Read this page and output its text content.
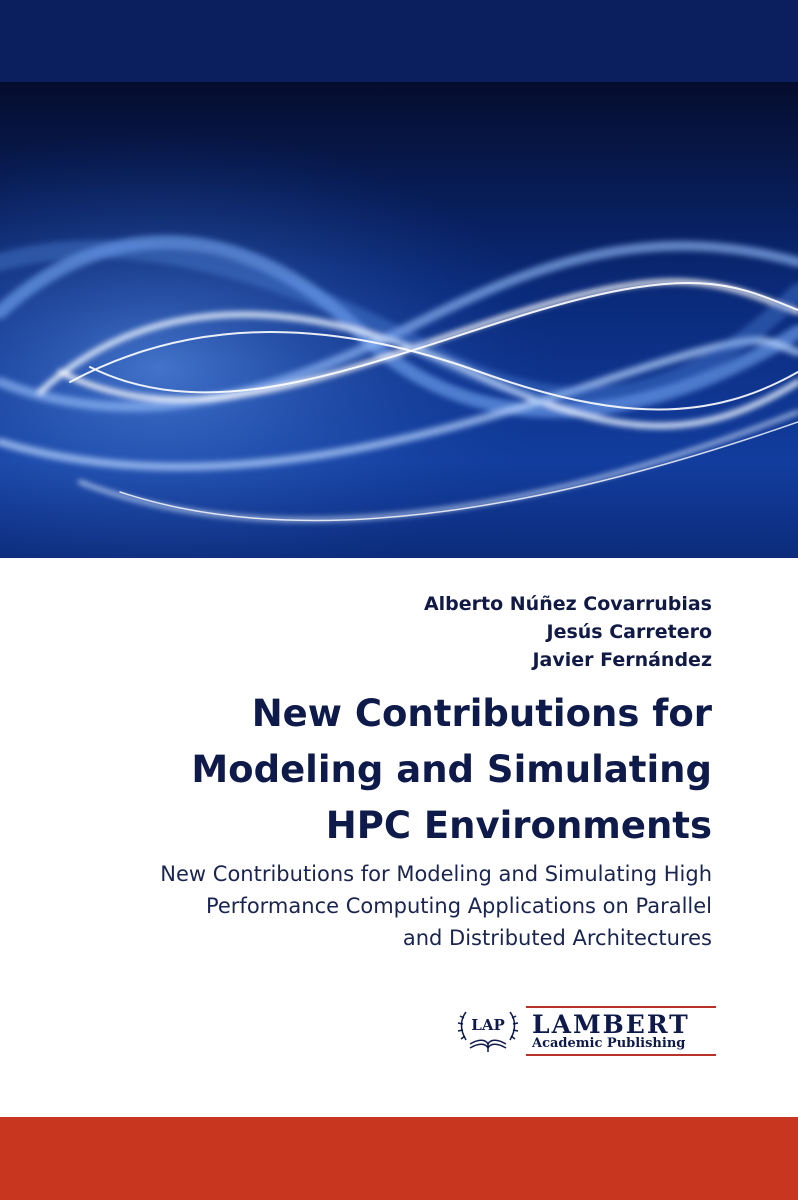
Alberto Núñez Covarrubias
Jesús Carretero
Javier Fernández
New Contributions for
Modeling and Simulating
HPC Environments
New Contributions for Modeling and Simulating High
Performance Computing Applications on Parallel
and Distributed Architectures
LAP LAMBERT
Academic Publishing
